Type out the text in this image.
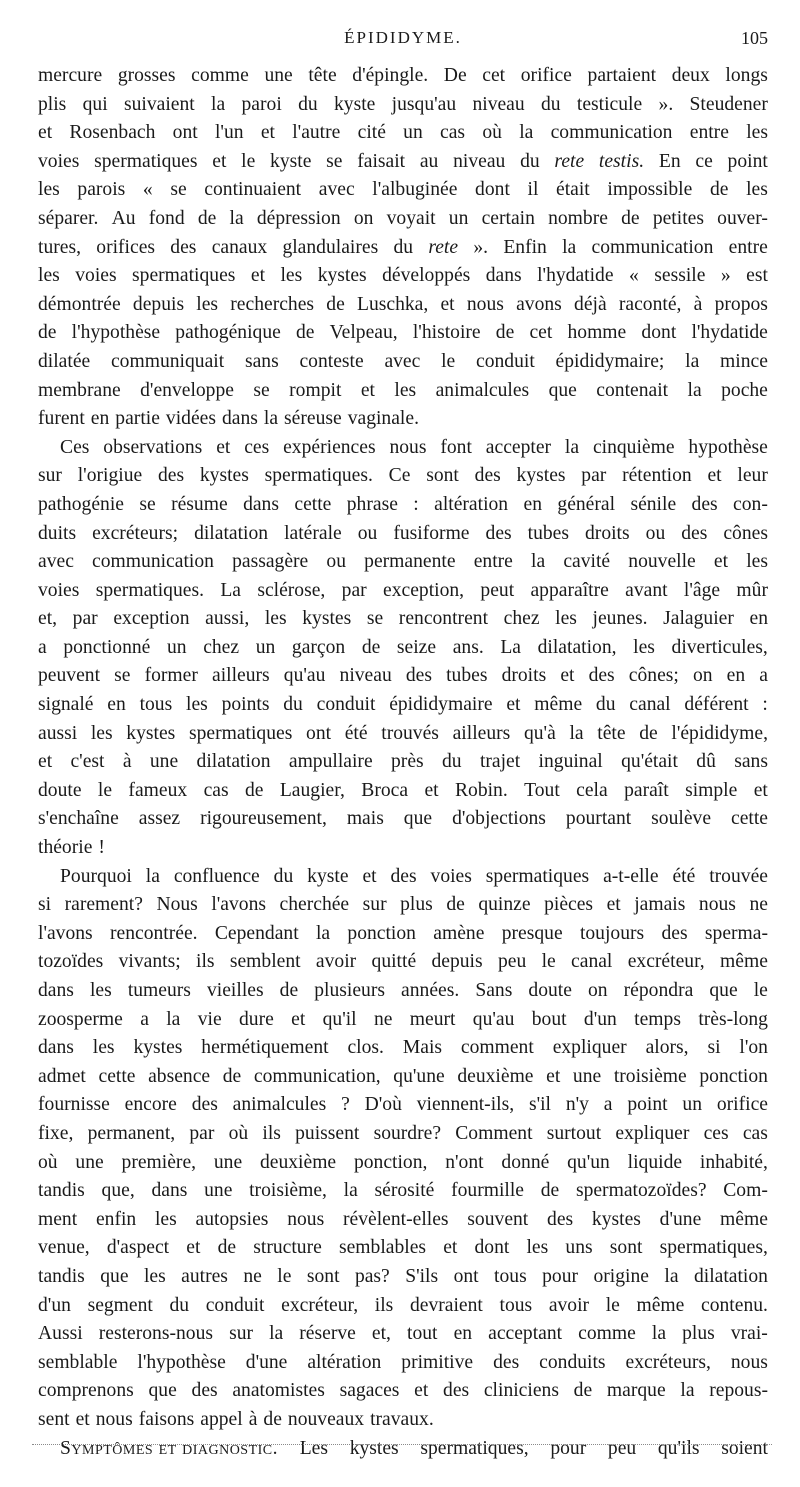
ÉPIDIDYME.	105
mercure grosses comme une tête d'épingle. De cet orifice partaient deux longs
plis qui suivaient la paroi du kyste jusqu'au niveau du testicule ». Steudener
et Rosenbach ont l'un et l'autre cité un cas où la communication entre les
voies spermatiques et le kyste se faisait au niveau du rete testis. En ce point
les parois « se continuaient avec l'albuginée dont il était impossible de les
séparer. Au fond de la dépression on voyait un certain nombre de petites ouver-
tures, orifices des canaux glandulaires du rete ». Enfin la communication entre
les voies spermatiques et les kystes développés dans l'hydatide « sessile » est
démontrée depuis les recherches de Luschka, et nous avons déjà raconté, à propos
de l'hypothèse pathogénique de Velpeau, l'histoire de cet homme dont l'hydatide
dilatée communiquait sans conteste avec le conduit épididymaire; la mince
membrane d'enveloppe se rompit et les animalcules que contenait la poche
furent en partie vidées dans la séreuse vaginale.
Ces observations et ces expériences nous font accepter la cinquième hypothèse
sur l'origiue des kystes spermatiques. Ce sont des kystes par rétention et leur
pathogénie se résume dans cette phrase : altération en général sénile des con-
duits excréteurs; dilatation latérale ou fusiforme des tubes droits ou des cônes
avec communication passagère ou permanente entre la cavité nouvelle et les
voies spermatiques. La sclérose, par exception, peut apparaître avant l'âge mûr
et, par exception aussi, les kystes se rencontrent chez les jeunes. Jalaguier en
a ponctionné un chez un garçon de seize ans. La dilatation, les diverticules,
peuvent se former ailleurs qu'au niveau des tubes droits et des cônes; on en a
signalé en tous les points du conduit épididymaire et même du canal déférent :
aussi les kystes spermatiques ont été trouvés ailleurs qu'à la tête de l'épididyme,
et c'est à une dilatation ampullaire près du trajet inguinal qu'était dû sans
doute le fameux cas de Laugier, Broca et Robin. Tout cela paraît simple et
s'enchaîne assez rigoureusement, mais que d'objections pourtant soulève cette
théorie !
Pourquoi la confluence du kyste et des voies spermatiques a-t-elle été trouvée
si rarement? Nous l'avons cherchée sur plus de quinze pièces et jamais nous ne
l'avons rencontrée. Cependant la ponction amène presque toujours des sperma-
tozoïdes vivants; ils semblent avoir quitté depuis peu le canal excréteur, même
dans les tumeurs vieilles de plusieurs années. Sans doute on répondra que le
zoosperme a la vie dure et qu'il ne meurt qu'au bout d'un temps très-long
dans les kystes hermétiquement clos. Mais comment expliquer alors, si l'on
admet cette absence de communication, qu'une deuxième et une troisième ponction
fournisse encore des animalcules ? D'où viennent-ils, s'il n'y a point un orifice
fixe, permanent, par où ils puissent sourdre? Comment surtout expliquer ces cas
où une première, une deuxième ponction, n'ont donné qu'un liquide inhabité,
tandis que, dans une troisième, la sérosité fourmille de spermatozoïdes? Com-
ment enfin les autopsies nous révèlent-elles souvent des kystes d'une même
venue, d'aspect et de structure semblables et dont les uns sont spermatiques,
tandis que les autres ne le sont pas? S'ils ont tous pour origine la dilatation
d'un segment du conduit excréteur, ils devraient tous avoir le même contenu.
Aussi resterons-nous sur la réserve et, tout en acceptant comme la plus vrai-
semblable l'hypothèse d'une altération primitive des conduits excréteurs, nous
comprenons que des anatomistes sagaces et des cliniciens de marque la repous-
sent et nous faisons appel à de nouveaux travaux.
Symptômes et diagnostic. Les kystes spermatiques, pour peu qu'ils soient
